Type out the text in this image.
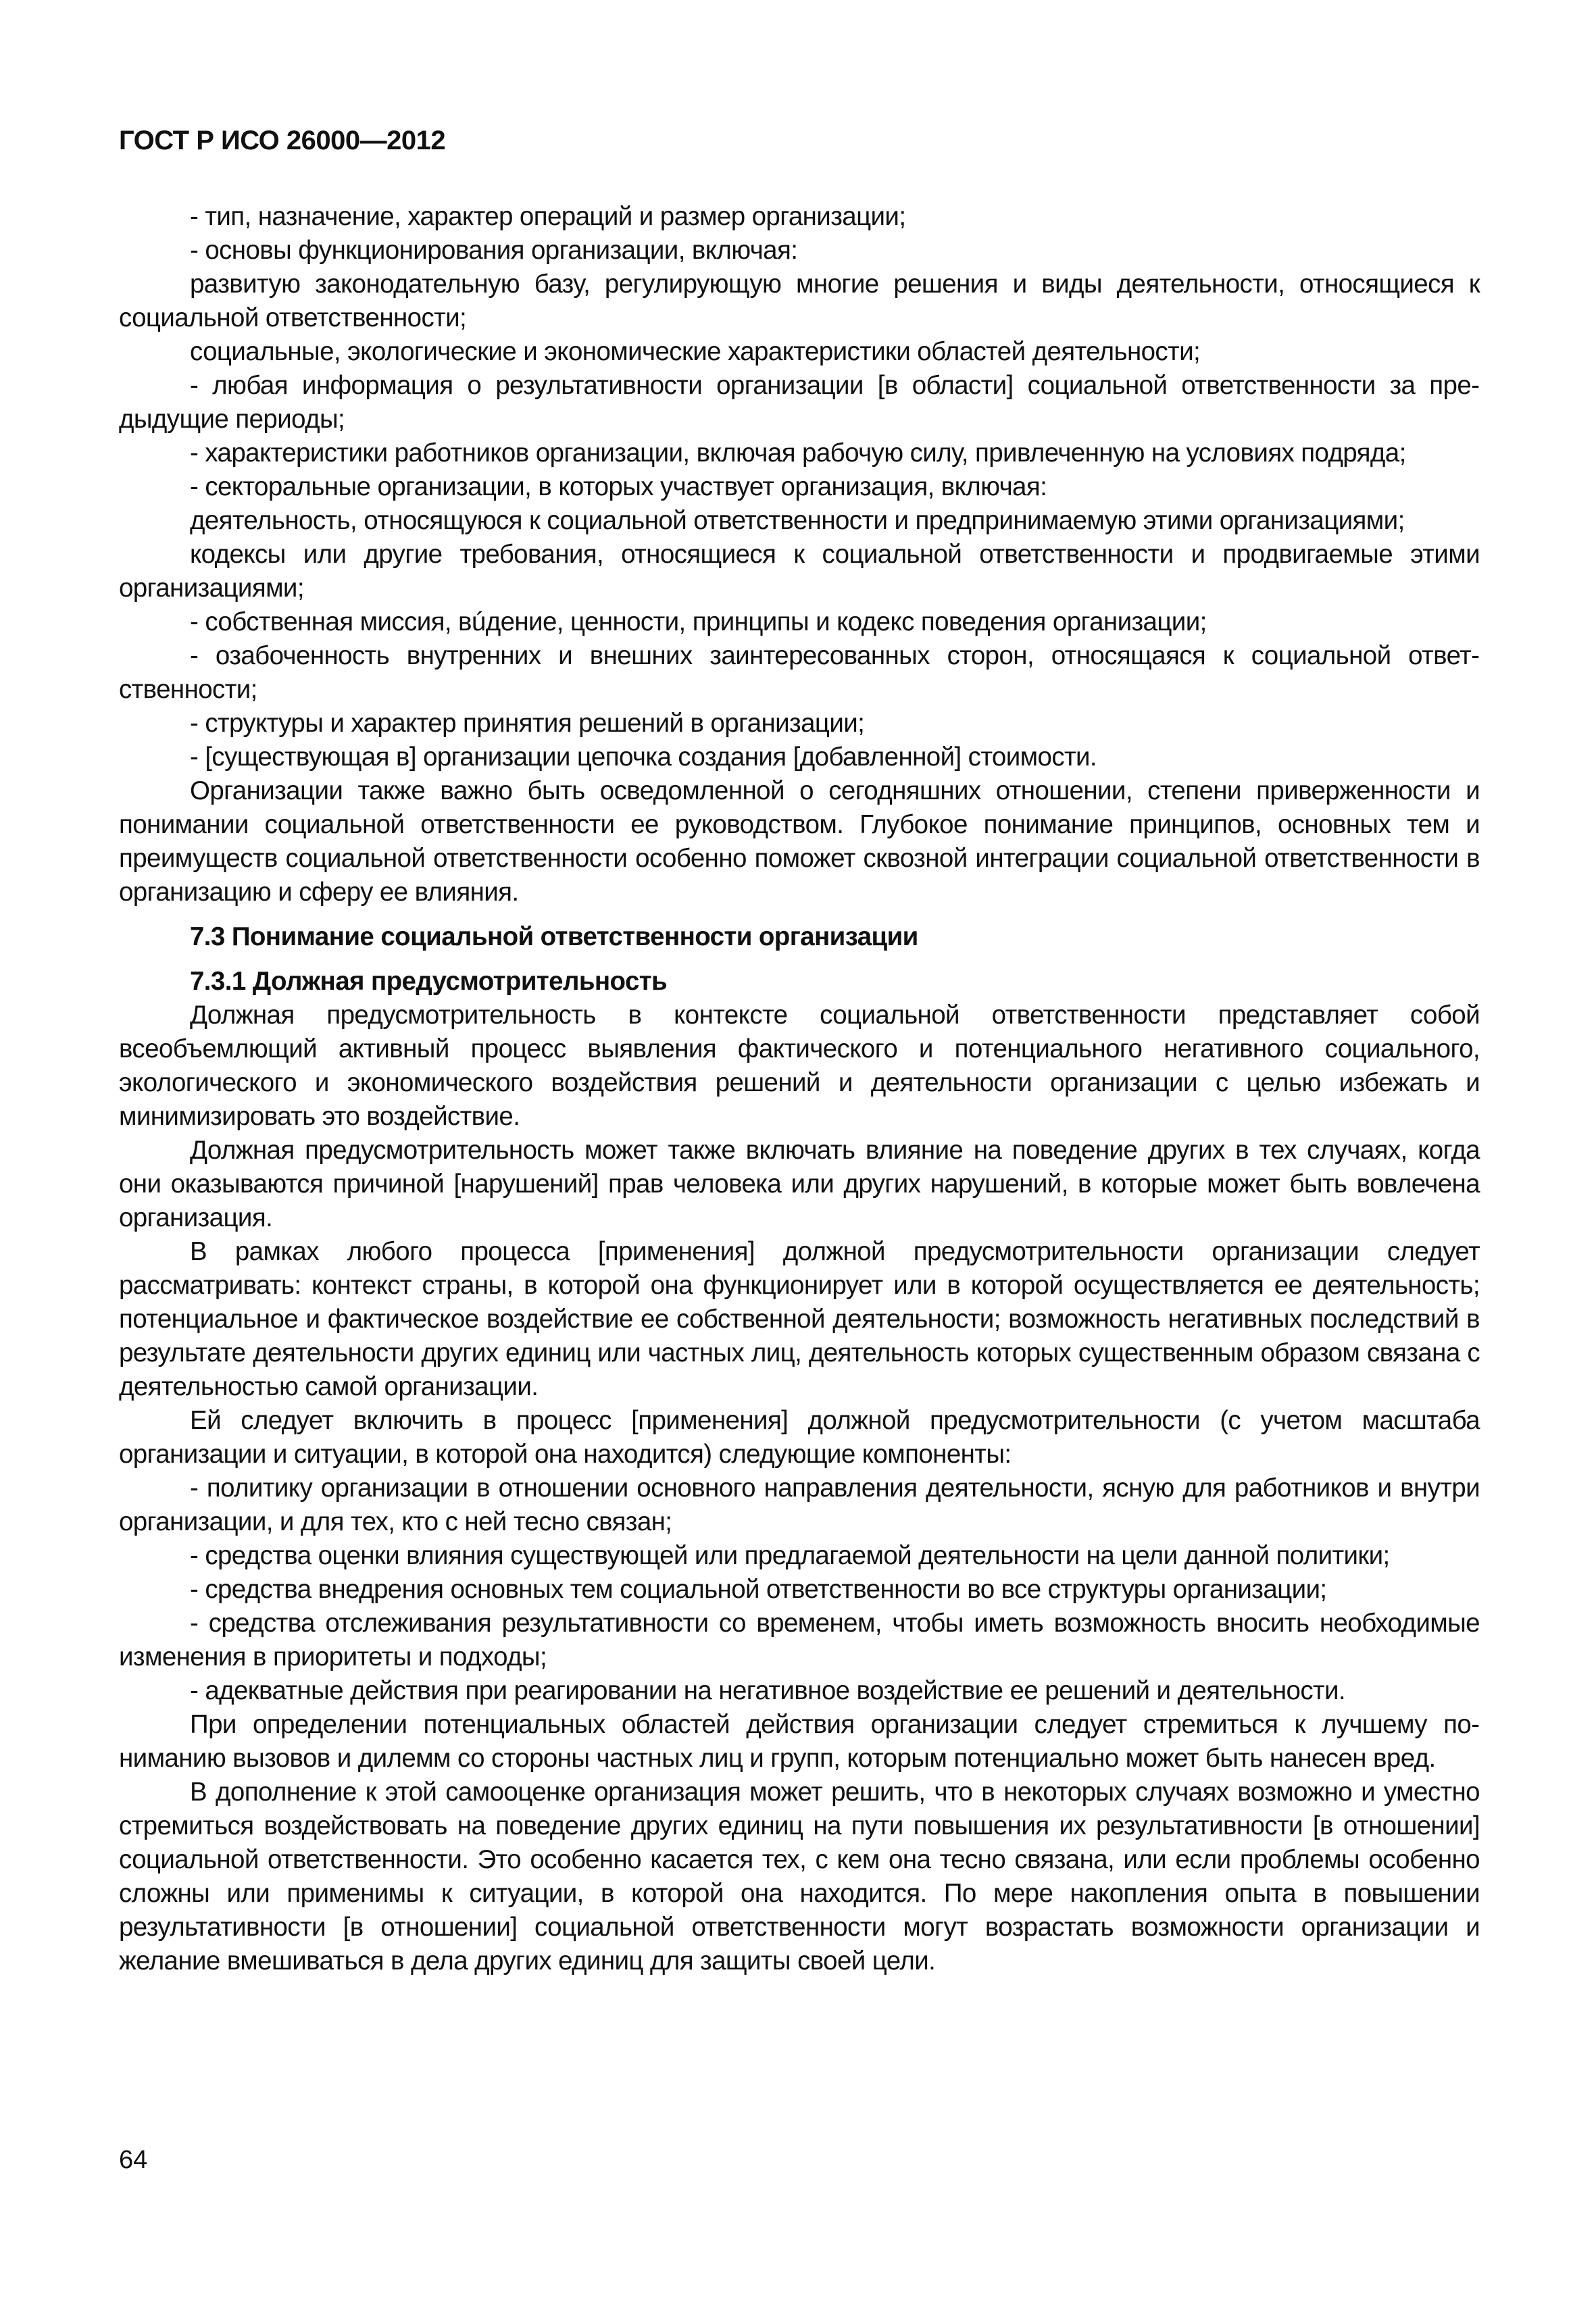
ГОСТ Р ИСО 26000—2012

- тип, назначение, характер операций и размер организации;

- основы функционирования организации, включая:

развитую законодательную базу, регулирующую многие решения и виды деятельности, относящиеся к социальной ответственности;

социальные, экологические и экономические характеристики областей деятельности;

- любая информация о результативности организации [в области] социальной ответственности за предыдущие периоды;

- характеристики работников организации, включая рабочую силу, привлеченную на условиях подряда;

- секторальные организации, в которых участвует организация, включая:

деятельность, относящуюся к социальной ответственности и предпринимаемую этими организациями;

кодексы или другие требования, относящиеся к социальной ответственности и продвигаемые этими организациями;

- собственная миссия, вúдение, ценности, принципы и кодекс поведения организации;

- озабоченность внутренних и внешних заинтересованных сторон, относящаяся к социальной ответственности;

- структуры и характер принятия решений в организации;

- [существующая в] организации цепочка создания [добавленной] стоимости.

Организации также важно быть осведомленной о сегодняшних отношении, степени приверженности и понимании социальной ответственности ее руководством. Глубокое понимание принципов, основных тем и преимуществ социальной ответственности особенно поможет сквозной интеграции социальной ответственности в организацию и сферу ее влияния.

7.3 Понимание социальной ответственности организации
7.3.1 Должная предусмотрительность

Должная предусмотрительность в контексте социальной ответственности представляет собой всеобъемлющий активный процесс выявления фактического и потенциального негативного социального, экологического и экономического воздействия решений и деятельности организации с целью избежать и минимизировать это воздействие.

Должная предусмотрительность может также включать влияние на поведение других в тех случаях, когда они оказываются причиной [нарушений] прав человека или других нарушений, в которые может быть вовлечена организация.

В рамках любого процесса [применения] должной предусмотрительности организации следует рассматривать: контекст страны, в которой она функционирует или в которой осуществляется ее деятельность; потенциальное и фактическое воздействие ее собственной деятельности; возможность негативных последствий в результате деятельности других единиц или частных лиц, деятельность которых существенным образом связана с деятельностью самой организации.

Ей следует включить в процесс [применения] должной предусмотрительности (с учетом масштаба организации и ситуации, в которой она находится) следующие компоненты:

- политику организации в отношении основного направления деятельности, ясную для работников и внутри организации, и для тех, кто с ней тесно связан;

- средства оценки влияния существующей или предлагаемой деятельности на цели данной политики;

- средства внедрения основных тем социальной ответственности во все структуры организации;

- средства отслеживания результативности со временем, чтобы иметь возможность вносить необходимые изменения в приоритеты и подходы;

- адекватные действия при реагировании на негативное воздействие ее решений и деятельности.

При определении потенциальных областей действия организации следует стремиться к лучшему пониманию вызовов и дилемм со стороны частных лиц и групп, которым потенциально может быть нанесен вред.

В дополнение к этой самооценке организация может решить, что в некоторых случаях возможно и уместно стремиться воздействовать на поведение других единиц на пути повышения их результативности [в отношении] социальной ответственности. Это особенно касается тех, с кем она тесно связана, или если проблемы особенно сложны или применимы к ситуации, в которой она находится. По мере накопления опыта в повышении результативности [в отношении] социальной ответственности могут возрастать возможности организации и желание вмешиваться в дела других единиц для защиты своей цели.

64
